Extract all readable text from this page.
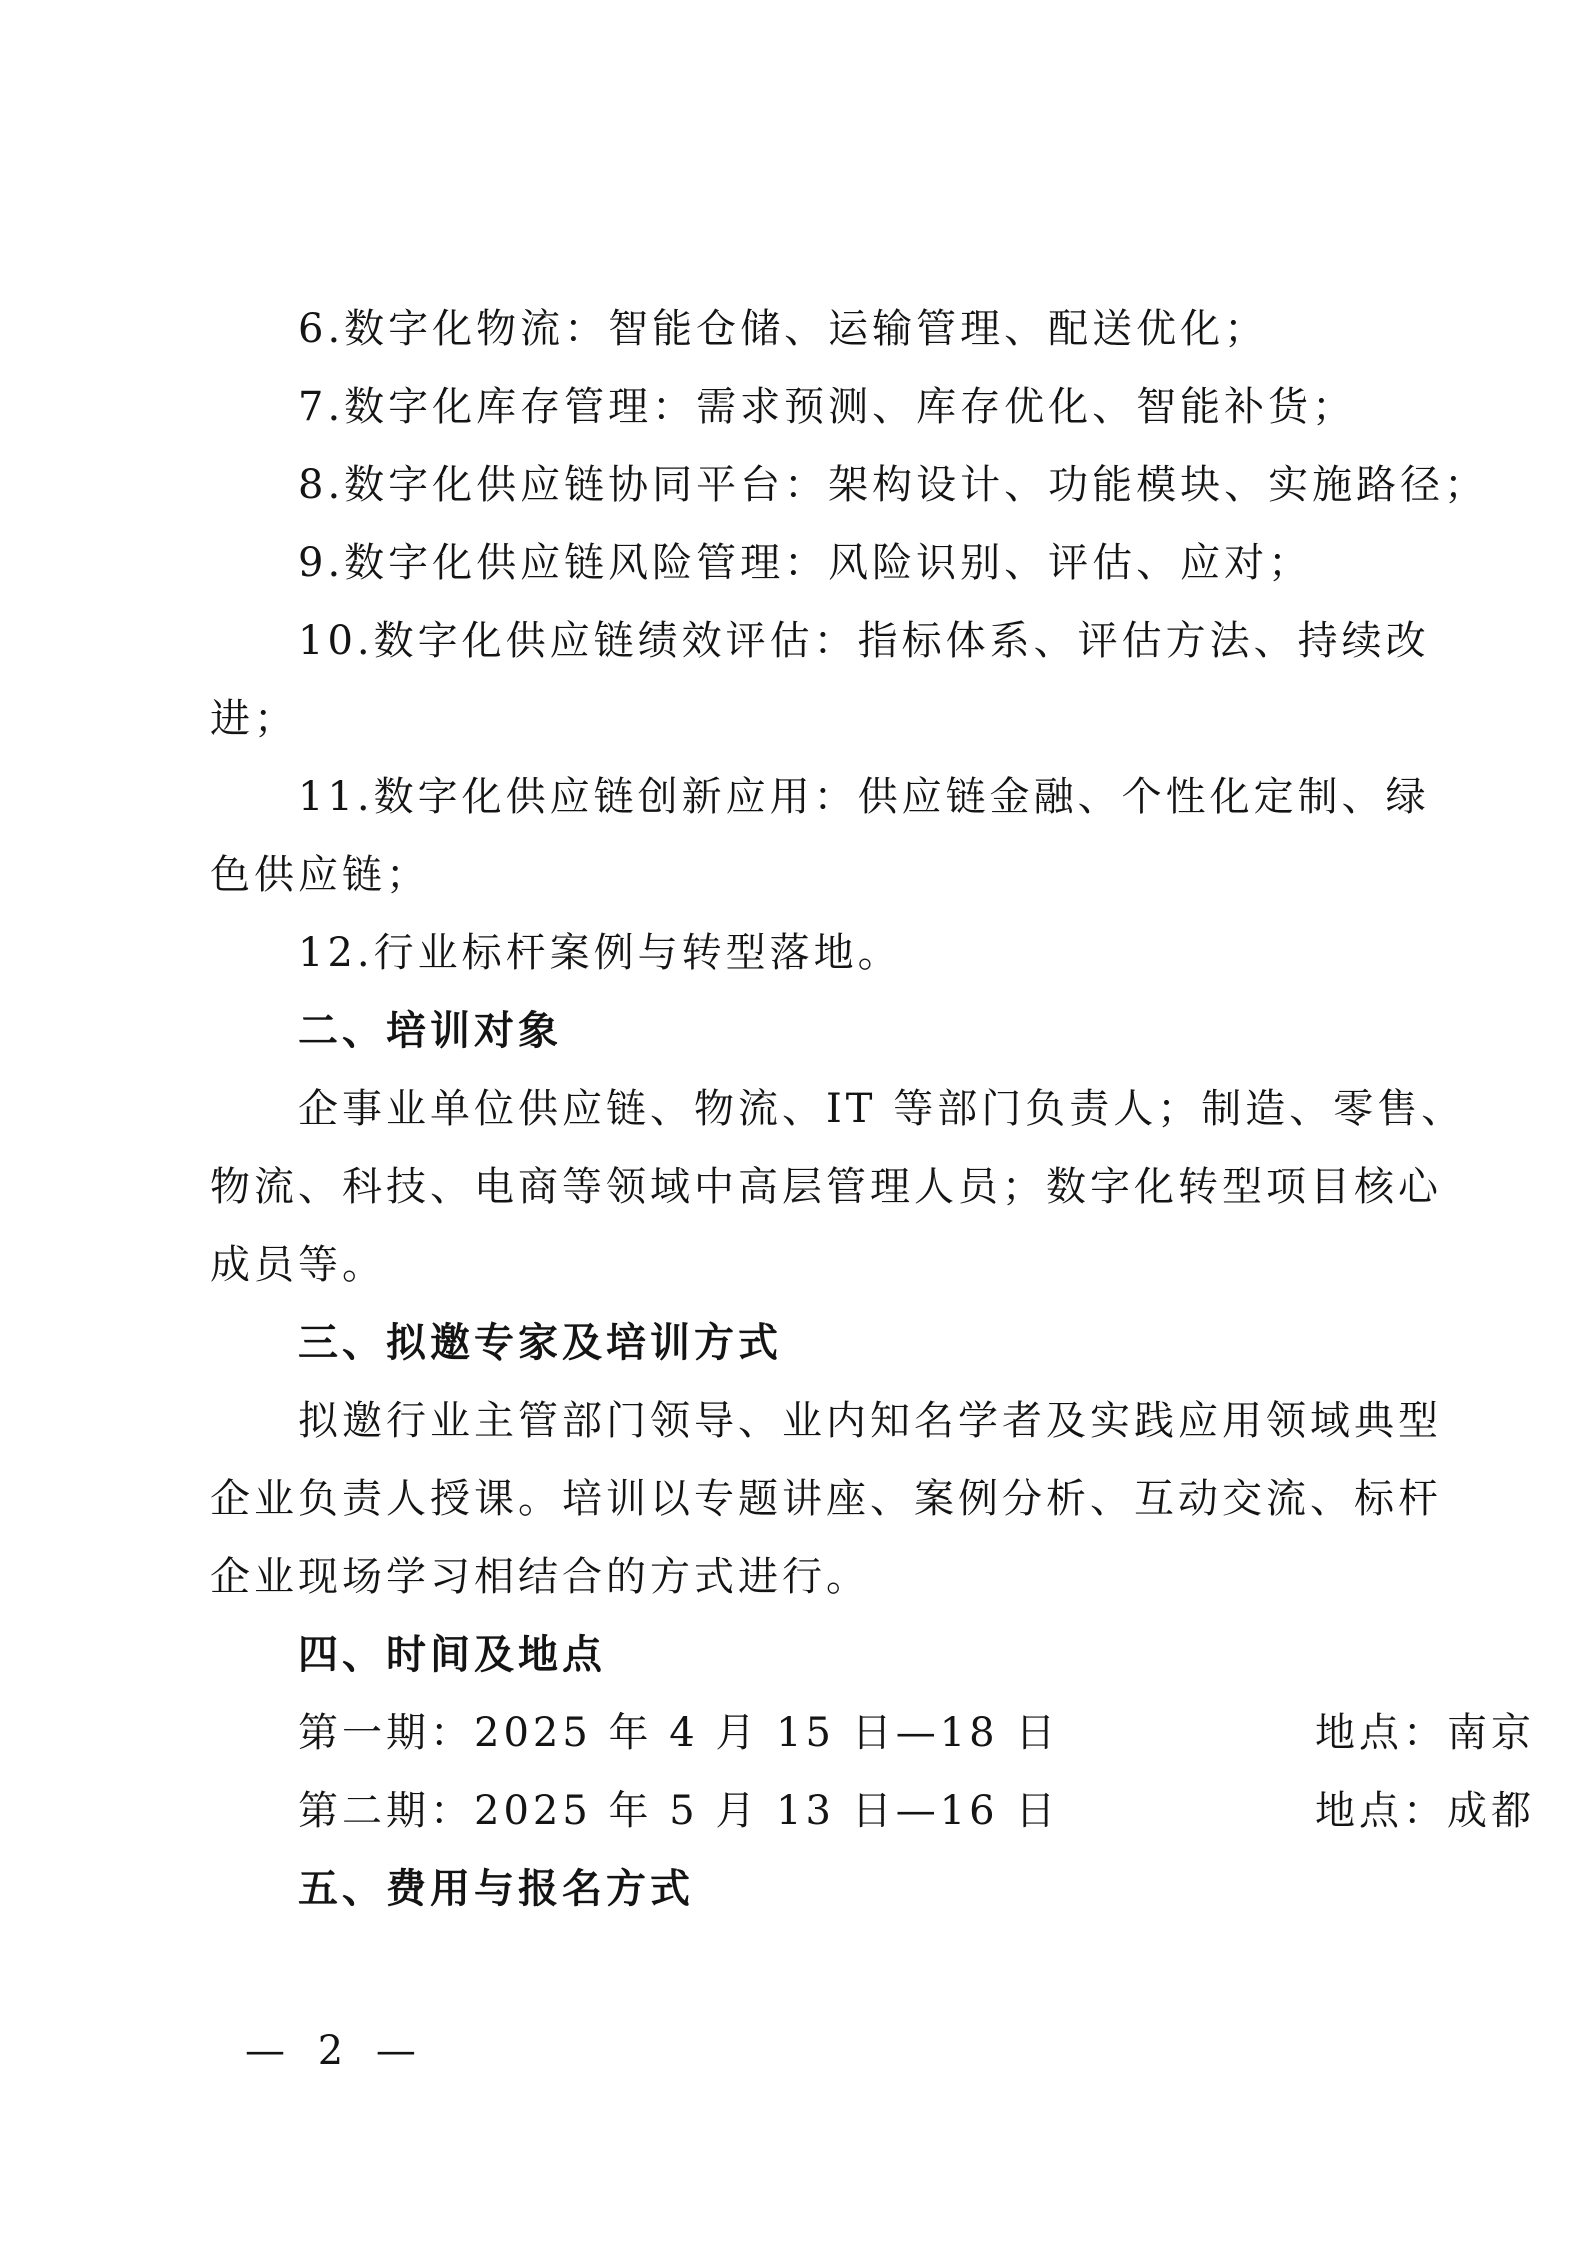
6.数字化物流：智能仓储、运输管理、配送优化；
7.数字化库存管理：需求预测、库存优化、智能补货；
8.数字化供应链协同平台：架构设计、功能模块、实施路径；
9.数字化供应链风险管理：风险识别、评估、应对；
10.数字化供应链绩效评估：指标体系、评估方法、持续改
进；
11.数字化供应链创新应用：供应链金融、个性化定制、绿
色供应链；
12.行业标杆案例与转型落地。
二、培训对象
企事业单位供应链、物流、IT 等部门负责人；制造、零售、
物流、科技、电商等领域中高层管理人员；数字化转型项目核心
成员等。
三、拟邀专家及培训方式
拟邀行业主管部门领导、业内知名学者及实践应用领域典型
企业负责人授课。培训以专题讲座、案例分析、互动交流、标杆
企业现场学习相结合的方式进行。
四、时间及地点
第一期：2025 年 4 月 15 日—18 日	地点：南京
第二期：2025 年 5 月 13 日—16 日	地点：成都
五、费用与报名方式
— 2 —
